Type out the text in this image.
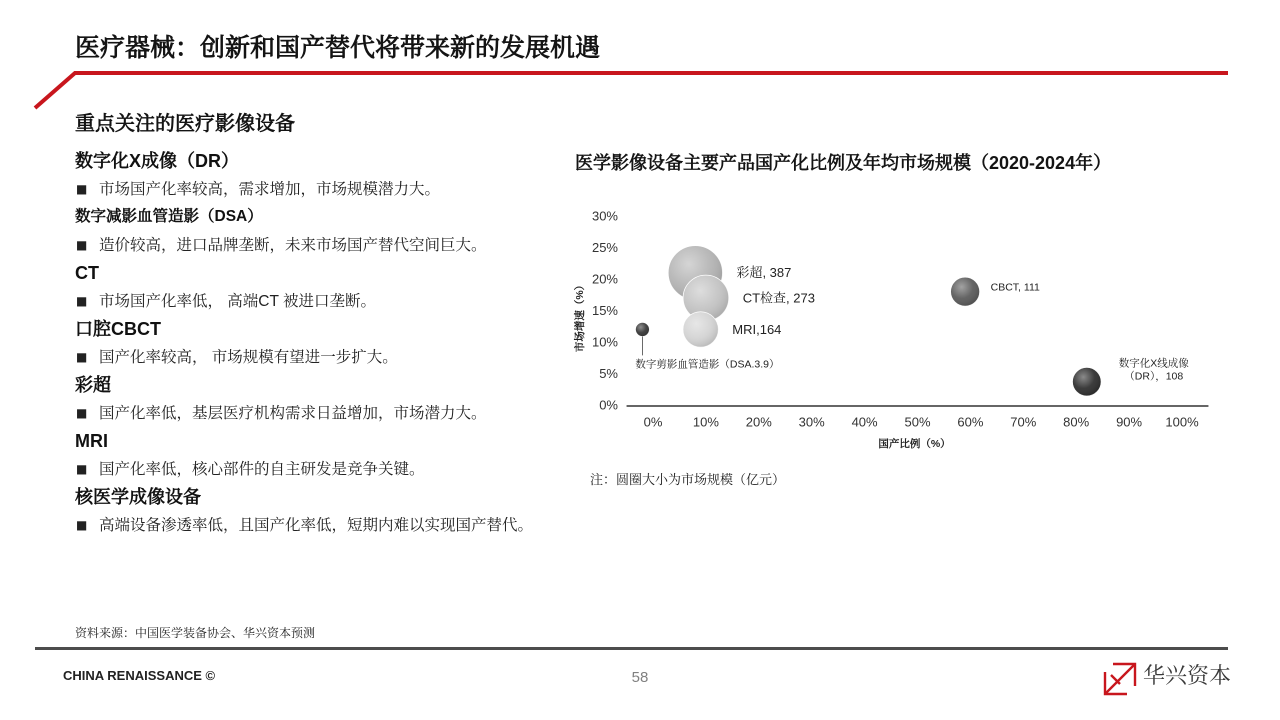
医疗器械：创新和国产替代将带来新的发展机遇
重点关注的医疗影像设备
数字化X成像（DR）
■ 市场国产化率较高，需求增加，市场规模潜力大。
数字减影血管造影（DSA）
■ 造价较高，进口品牌垄断，未来市场国产替代空间巨大。
CT
■ 市场国产化率低， 高端CT 被进口垄断。
口腔CBCT
■ 国产化率较高， 市场规模有望进一步扩大。
彩超
■ 国产化率低，基层医疗机构需求日益增加，市场潜力大。
MRI
■ 国产化率低，核心部件的自主研发是竞争关键。
核医学成像设备
■ 高端设备渗透率低，且国产化率低，短期内难以实现国产替代。
医学影像设备主要产品国产化比例及年均市场规模（2020-2024年）
0%
5%
10%
15%
20%
25%
30%
0% 10% 20% 30% 40% 50% 60% 70% 80% 90% 100%
国产比例（%）
市场增速（%）
彩超, 387
CT检查, 273
MRI,164
数字剪影血管造影（DSA.3.9）
CBCT, 111
数字化X线成像
（DR），108
注：圆圈大小为市场规模（亿元）
资料来源：中国医学装备协会、华兴资本预测
CHINA RENAISSANCE ©	58	华兴资本
